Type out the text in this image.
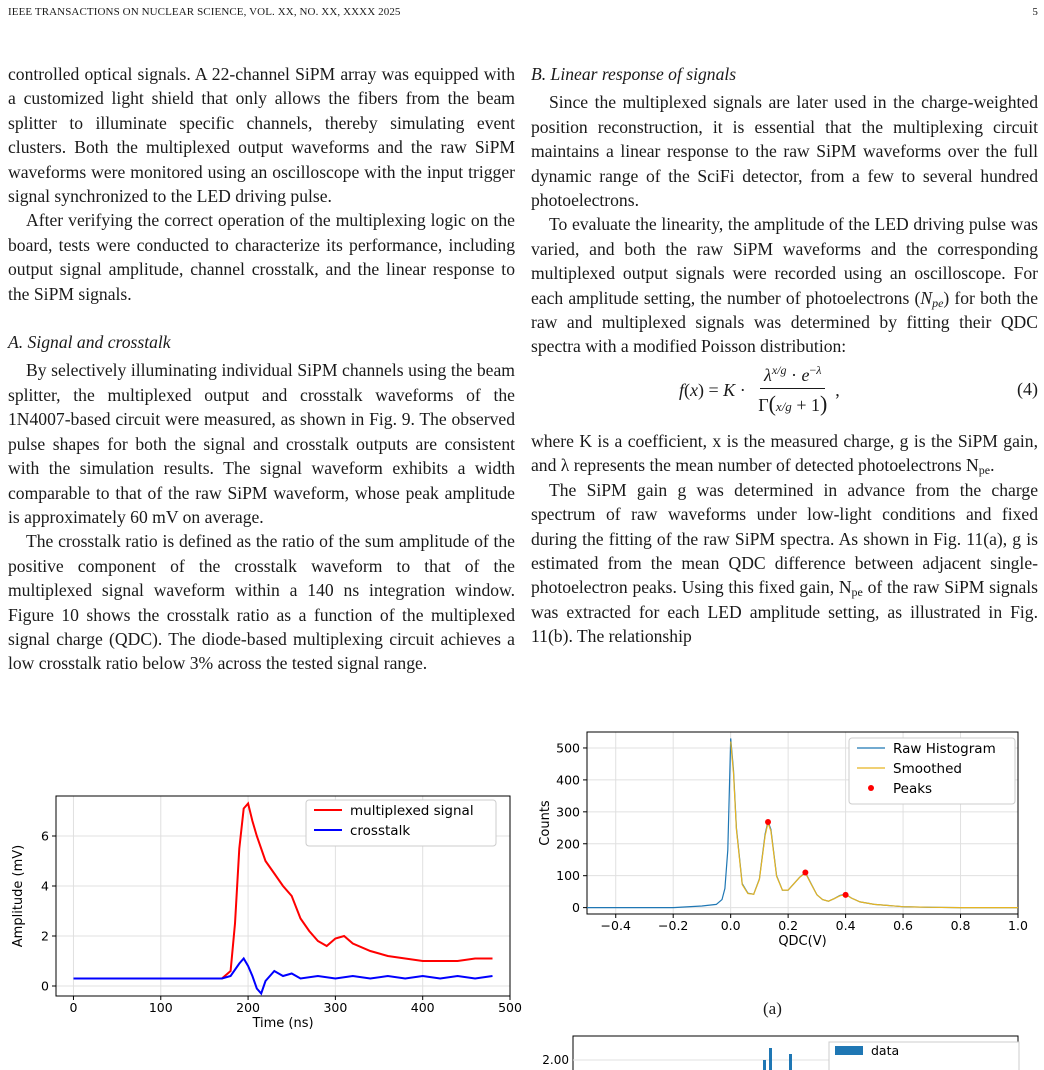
IEEE TRANSACTIONS ON NUCLEAR SCIENCE, VOL. XX, NO. XX, XXXX 2025	5

controlled optical signals. A 22-channel SiPM array was equipped with a customized light shield that only allows the fibers from the beam splitter to illuminate specific channels, thereby simulating event clusters. Both the multiplexed output waveforms and the raw SiPM waveforms were monitored using an oscilloscope with the input trigger signal synchronized to the LED driving pulse.

After verifying the correct operation of the multiplexing logic on the board, tests were conducted to characterize its performance, including output signal amplitude, channel crosstalk, and the linear response to the SiPM signals.

A. Signal and crosstalk

By selectively illuminating individual SiPM channels using the beam splitter, the multiplexed output and crosstalk waveforms of the 1N4007-based circuit were measured, as shown in Fig. 9. The observed pulse shapes for both the signal and crosstalk outputs are consistent with the simulation results. The signal waveform exhibits a width comparable to that of the raw SiPM waveform, whose peak amplitude is approximately 60 mV on average.

The crosstalk ratio is defined as the ratio of the sum amplitude of the positive component of the crosstalk waveform to that of the multiplexed signal waveform within a 140 ns integration window. Figure 10 shows the crosstalk ratio as a function of the multiplexed signal charge (QDC). The diode-based multiplexing circuit achieves a low crosstalk ratio below 3% across the tested signal range.

0	100	200	300	400	500
0
2
4
6
Time (ns)
Amplitude (mV)
multiplexed signal
crosstalk
B. Linear response of signals

Since the multiplexed signals are later used in the charge-weighted position reconstruction, it is essential that the multiplexing circuit maintains a linear response to the raw SiPM waveforms over the full dynamic range of the SciFi detector, from a few to several hundred photoelectrons.

To evaluate the linearity, the amplitude of the LED driving pulse was varied, and both the raw SiPM waveforms and the corresponding multiplexed output signals were recorded using an oscilloscope. For each amplitude setting, the number of photoelectrons $(N_{pe})$ for both the raw and multiplexed signals was determined by fitting their QDC spectra with a modified Poisson distribution:

f ( x ) = $K \cdot \frac{\lambda^{x/g} \cdot e^{-\lambda}}{\Gamma(x/g + 1)}$ ,	(4)

where K is a coefficient, x is the measured charge, g is the SiPM gain, and λ represents the mean number of detected photoelectrons $N_{pe}$.

The SiPM gain g was determined in advance from the charge spectrum of raw waveforms under low-light conditions and fixed during the fitting of the raw SiPM spectra. As shown in Fig. 11(a), g is estimated from the mean QDC difference between adjacent single-photoelectron peaks. Using this fixed gain, $N_{pe}$ of the raw SiPM signals was extracted for each LED amplitude setting, as illustrated in Fig. 11(b). The relationship

−0.4 −0.2	0.0	0.2	0.4	0.6	0.8	1.0
0
100
200
300
400
500
QDC(V)
Counts
Raw Histogram
Smoothed
Peaks
(a)
2.00
data
